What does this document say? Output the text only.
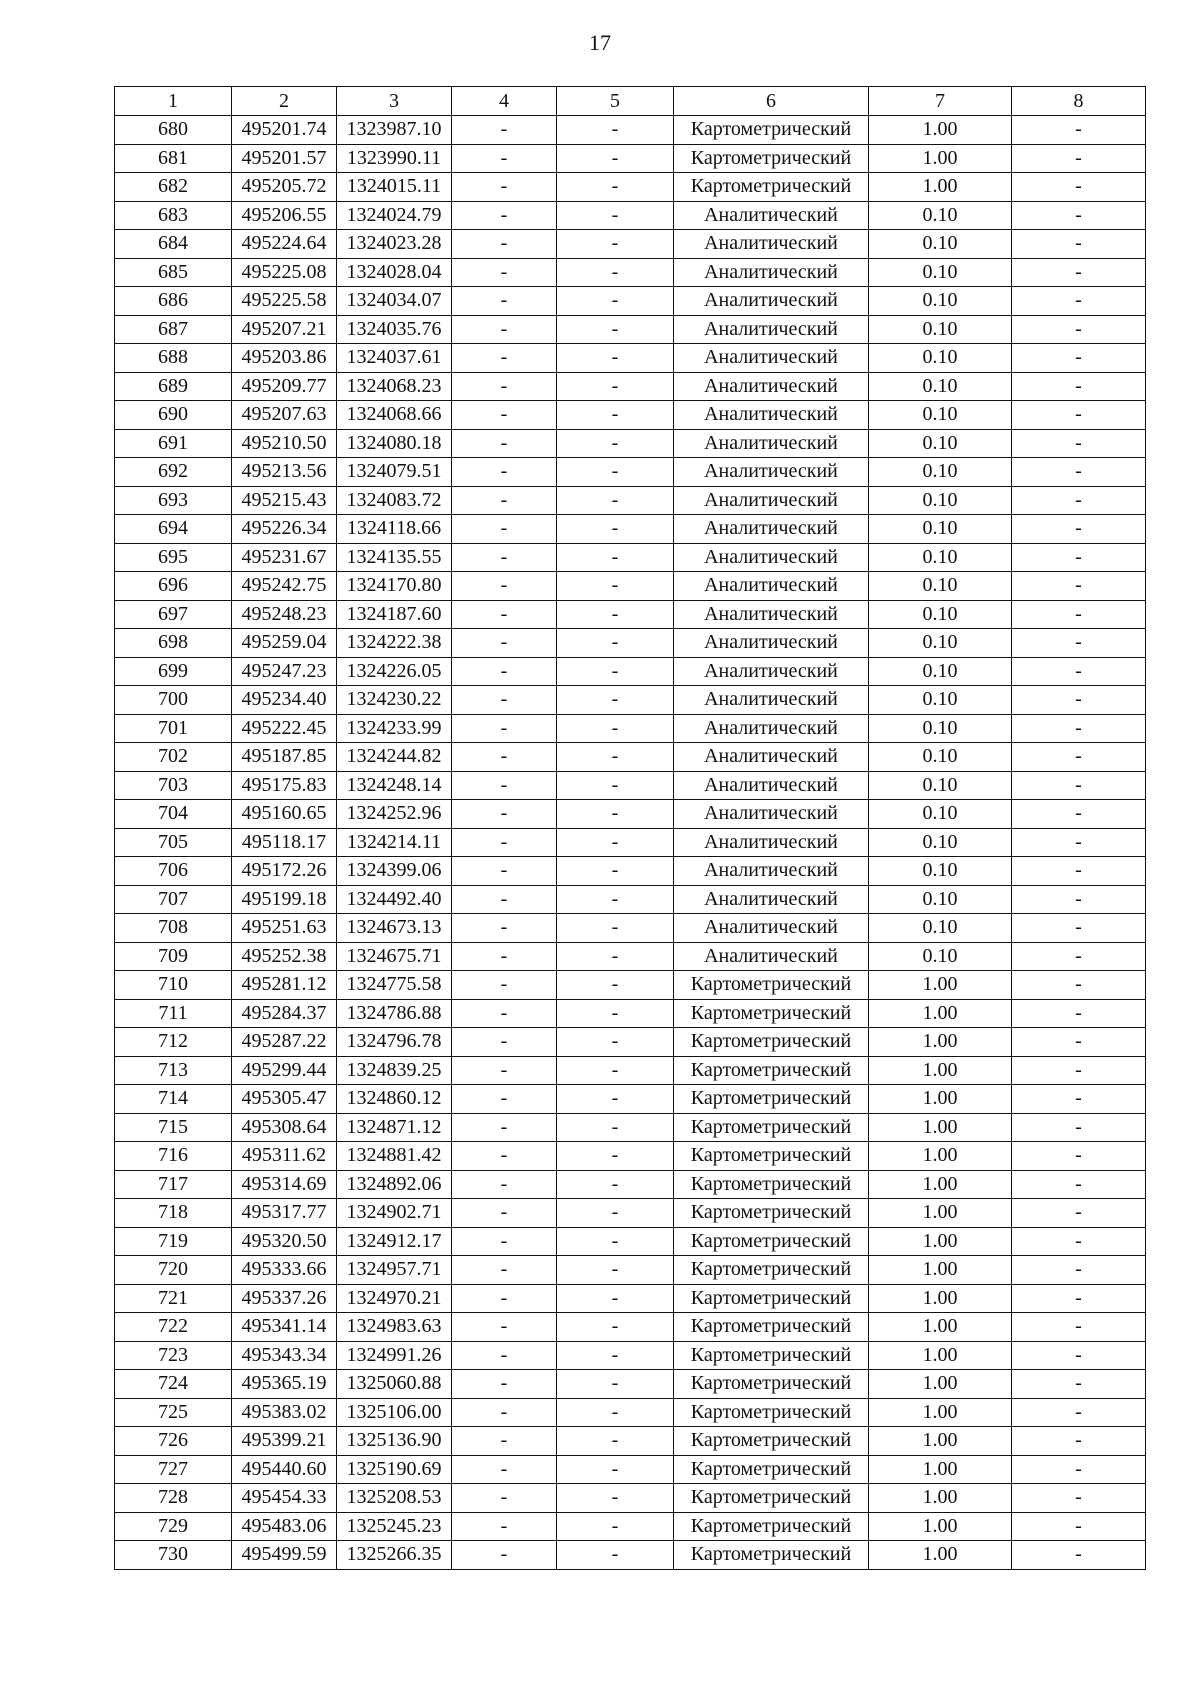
17
1	2	3	4	5	6	7	8
680	495201.74	1323987.10	-	-	Картометрический	1.00	-
681	495201.57	1323990.11	-	-	Картометрический	1.00	-
682	495205.72	1324015.11	-	-	Картометрический	1.00	-
683	495206.55	1324024.79	-	-	Аналитический	0.10	-
684	495224.64	1324023.28	-	-	Аналитический	0.10	-
685	495225.08	1324028.04	-	-	Аналитический	0.10	-
686	495225.58	1324034.07	-	-	Аналитический	0.10	-
687	495207.21	1324035.76	-	-	Аналитический	0.10	-
688	495203.86	1324037.61	-	-	Аналитический	0.10	-
689	495209.77	1324068.23	-	-	Аналитический	0.10	-
690	495207.63	1324068.66	-	-	Аналитический	0.10	-
691	495210.50	1324080.18	-	-	Аналитический	0.10	-
692	495213.56	1324079.51	-	-	Аналитический	0.10	-
693	495215.43	1324083.72	-	-	Аналитический	0.10	-
694	495226.34	1324118.66	-	-	Аналитический	0.10	-
695	495231.67	1324135.55	-	-	Аналитический	0.10	-
696	495242.75	1324170.80	-	-	Аналитический	0.10	-
697	495248.23	1324187.60	-	-	Аналитический	0.10	-
698	495259.04	1324222.38	-	-	Аналитический	0.10	-
699	495247.23	1324226.05	-	-	Аналитический	0.10	-
700	495234.40	1324230.22	-	-	Аналитический	0.10	-
701	495222.45	1324233.99	-	-	Аналитический	0.10	-
702	495187.85	1324244.82	-	-	Аналитический	0.10	-
703	495175.83	1324248.14	-	-	Аналитический	0.10	-
704	495160.65	1324252.96	-	-	Аналитический	0.10	-
705	495118.17	1324214.11	-	-	Аналитический	0.10	-
706	495172.26	1324399.06	-	-	Аналитический	0.10	-
707	495199.18	1324492.40	-	-	Аналитический	0.10	-
708	495251.63	1324673.13	-	-	Аналитический	0.10	-
709	495252.38	1324675.71	-	-	Аналитический	0.10	-
710	495281.12	1324775.58	-	-	Картометрический	1.00	-
711	495284.37	1324786.88	-	-	Картометрический	1.00	-
712	495287.22	1324796.78	-	-	Картометрический	1.00	-
713	495299.44	1324839.25	-	-	Картометрический	1.00	-
714	495305.47	1324860.12	-	-	Картометрический	1.00	-
715	495308.64	1324871.12	-	-	Картометрический	1.00	-
716	495311.62	1324881.42	-	-	Картометрический	1.00	-
717	495314.69	1324892.06	-	-	Картометрический	1.00	-
718	495317.77	1324902.71	-	-	Картометрический	1.00	-
719	495320.50	1324912.17	-	-	Картометрический	1.00	-
720	495333.66	1324957.71	-	-	Картометрический	1.00	-
721	495337.26	1324970.21	-	-	Картометрический	1.00	-
722	495341.14	1324983.63	-	-	Картометрический	1.00	-
723	495343.34	1324991.26	-	-	Картометрический	1.00	-
724	495365.19	1325060.88	-	-	Картометрический	1.00	-
725	495383.02	1325106.00	-	-	Картометрический	1.00	-
726	495399.21	1325136.90	-	-	Картометрический	1.00	-
727	495440.60	1325190.69	-	-	Картометрический	1.00	-
728	495454.33	1325208.53	-	-	Картометрический	1.00	-
729	495483.06	1325245.23	-	-	Картометрический	1.00	-
730	495499.59	1325266.35	-	-	Картометрический	1.00	-
